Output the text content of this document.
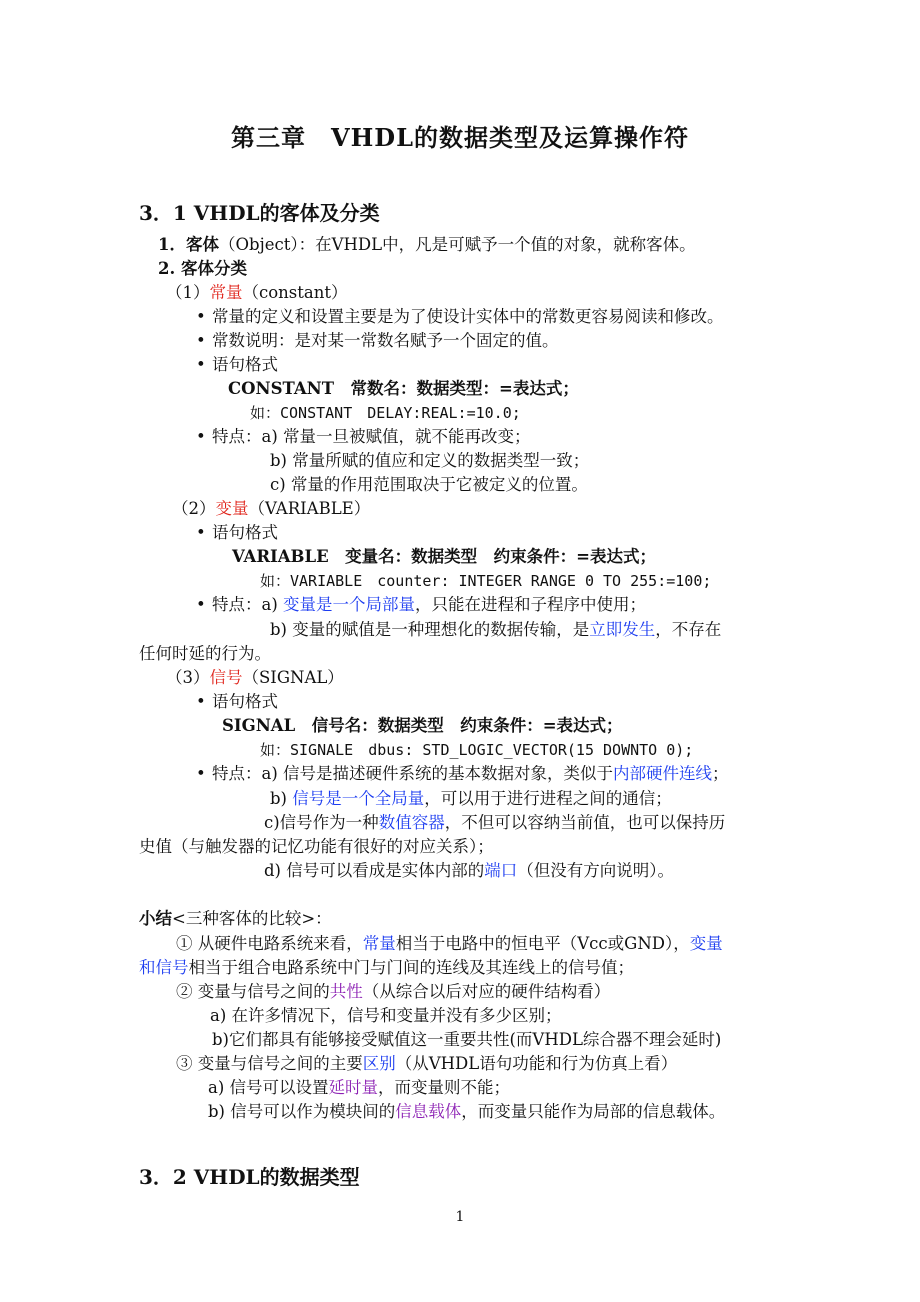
第三章　VHDL的数据类型及运算操作符
3．1 VHDL的客体及分类
1．客体（Object）：在VHDL中，凡是可赋予一个值的对象，就称客体。
2. 客体分类
（1）常量（constant）
• 常量的定义和设置主要是为了使设计实体中的常数更容易阅读和修改。
• 常数说明：是对某一常数名赋予一个固定的值。
• 语句格式
CONSTANT　常数名：数据类型：=表达式；
如：CONSTANT　DELAY:REAL:=10.0;
• 特点：a) 常量一旦被赋值，就不能再改变；
b) 常量所赋的值应和定义的数据类型一致；
c) 常量的作用范围取决于它被定义的位置。
（2）变量（VARIABLE）
• 语句格式
VARIABLE　变量名：数据类型　约束条件：=表达式；
如：VARIABLE　counter: INTEGER RANGE 0 TO 255:=100;
• 特点：a) 变量是一个局部量，只能在进程和子程序中使用；
b) 变量的赋值是一种理想化的数据传输，是立即发生，不存在
任何时延的行为。
（3）信号（SIGNAL）
• 语句格式
SIGNAL　信号名：数据类型　约束条件：=表达式；
如：SIGNALE　dbus: STD_LOGIC_VECTOR(15 DOWNTO 0);
• 特点：a) 信号是描述硬件系统的基本数据对象，类似于内部硬件连线；
b) 信号是一个全局量，可以用于进行进程之间的通信；
c)信号作为一种数值容器，不但可以容纳当前值，也可以保持历
史值（与触发器的记忆功能有很好的对应关系）；
d) 信号可以看成是实体内部的端口（但没有方向说明）。
小结<三种客体的比较>：
① 从硬件电路系统来看，常量相当于电路中的恒电平（Vcc或GND），变量
和信号相当于组合电路系统中门与门间的连线及其连线上的信号值；
② 变量与信号之间的共性（从综合以后对应的硬件结构看）
a) 在许多情况下，信号和变量并没有多少区别；
b)它们都具有能够接受赋值这一重要共性(而VHDL综合器不理会延时)
③ 变量与信号之间的主要区别（从VHDL语句功能和行为仿真上看）
a) 信号可以设置延时量，而变量则不能；
b) 信号可以作为模块间的信息载体，而变量只能作为局部的信息载体。
3．2 VHDL的数据类型
1
